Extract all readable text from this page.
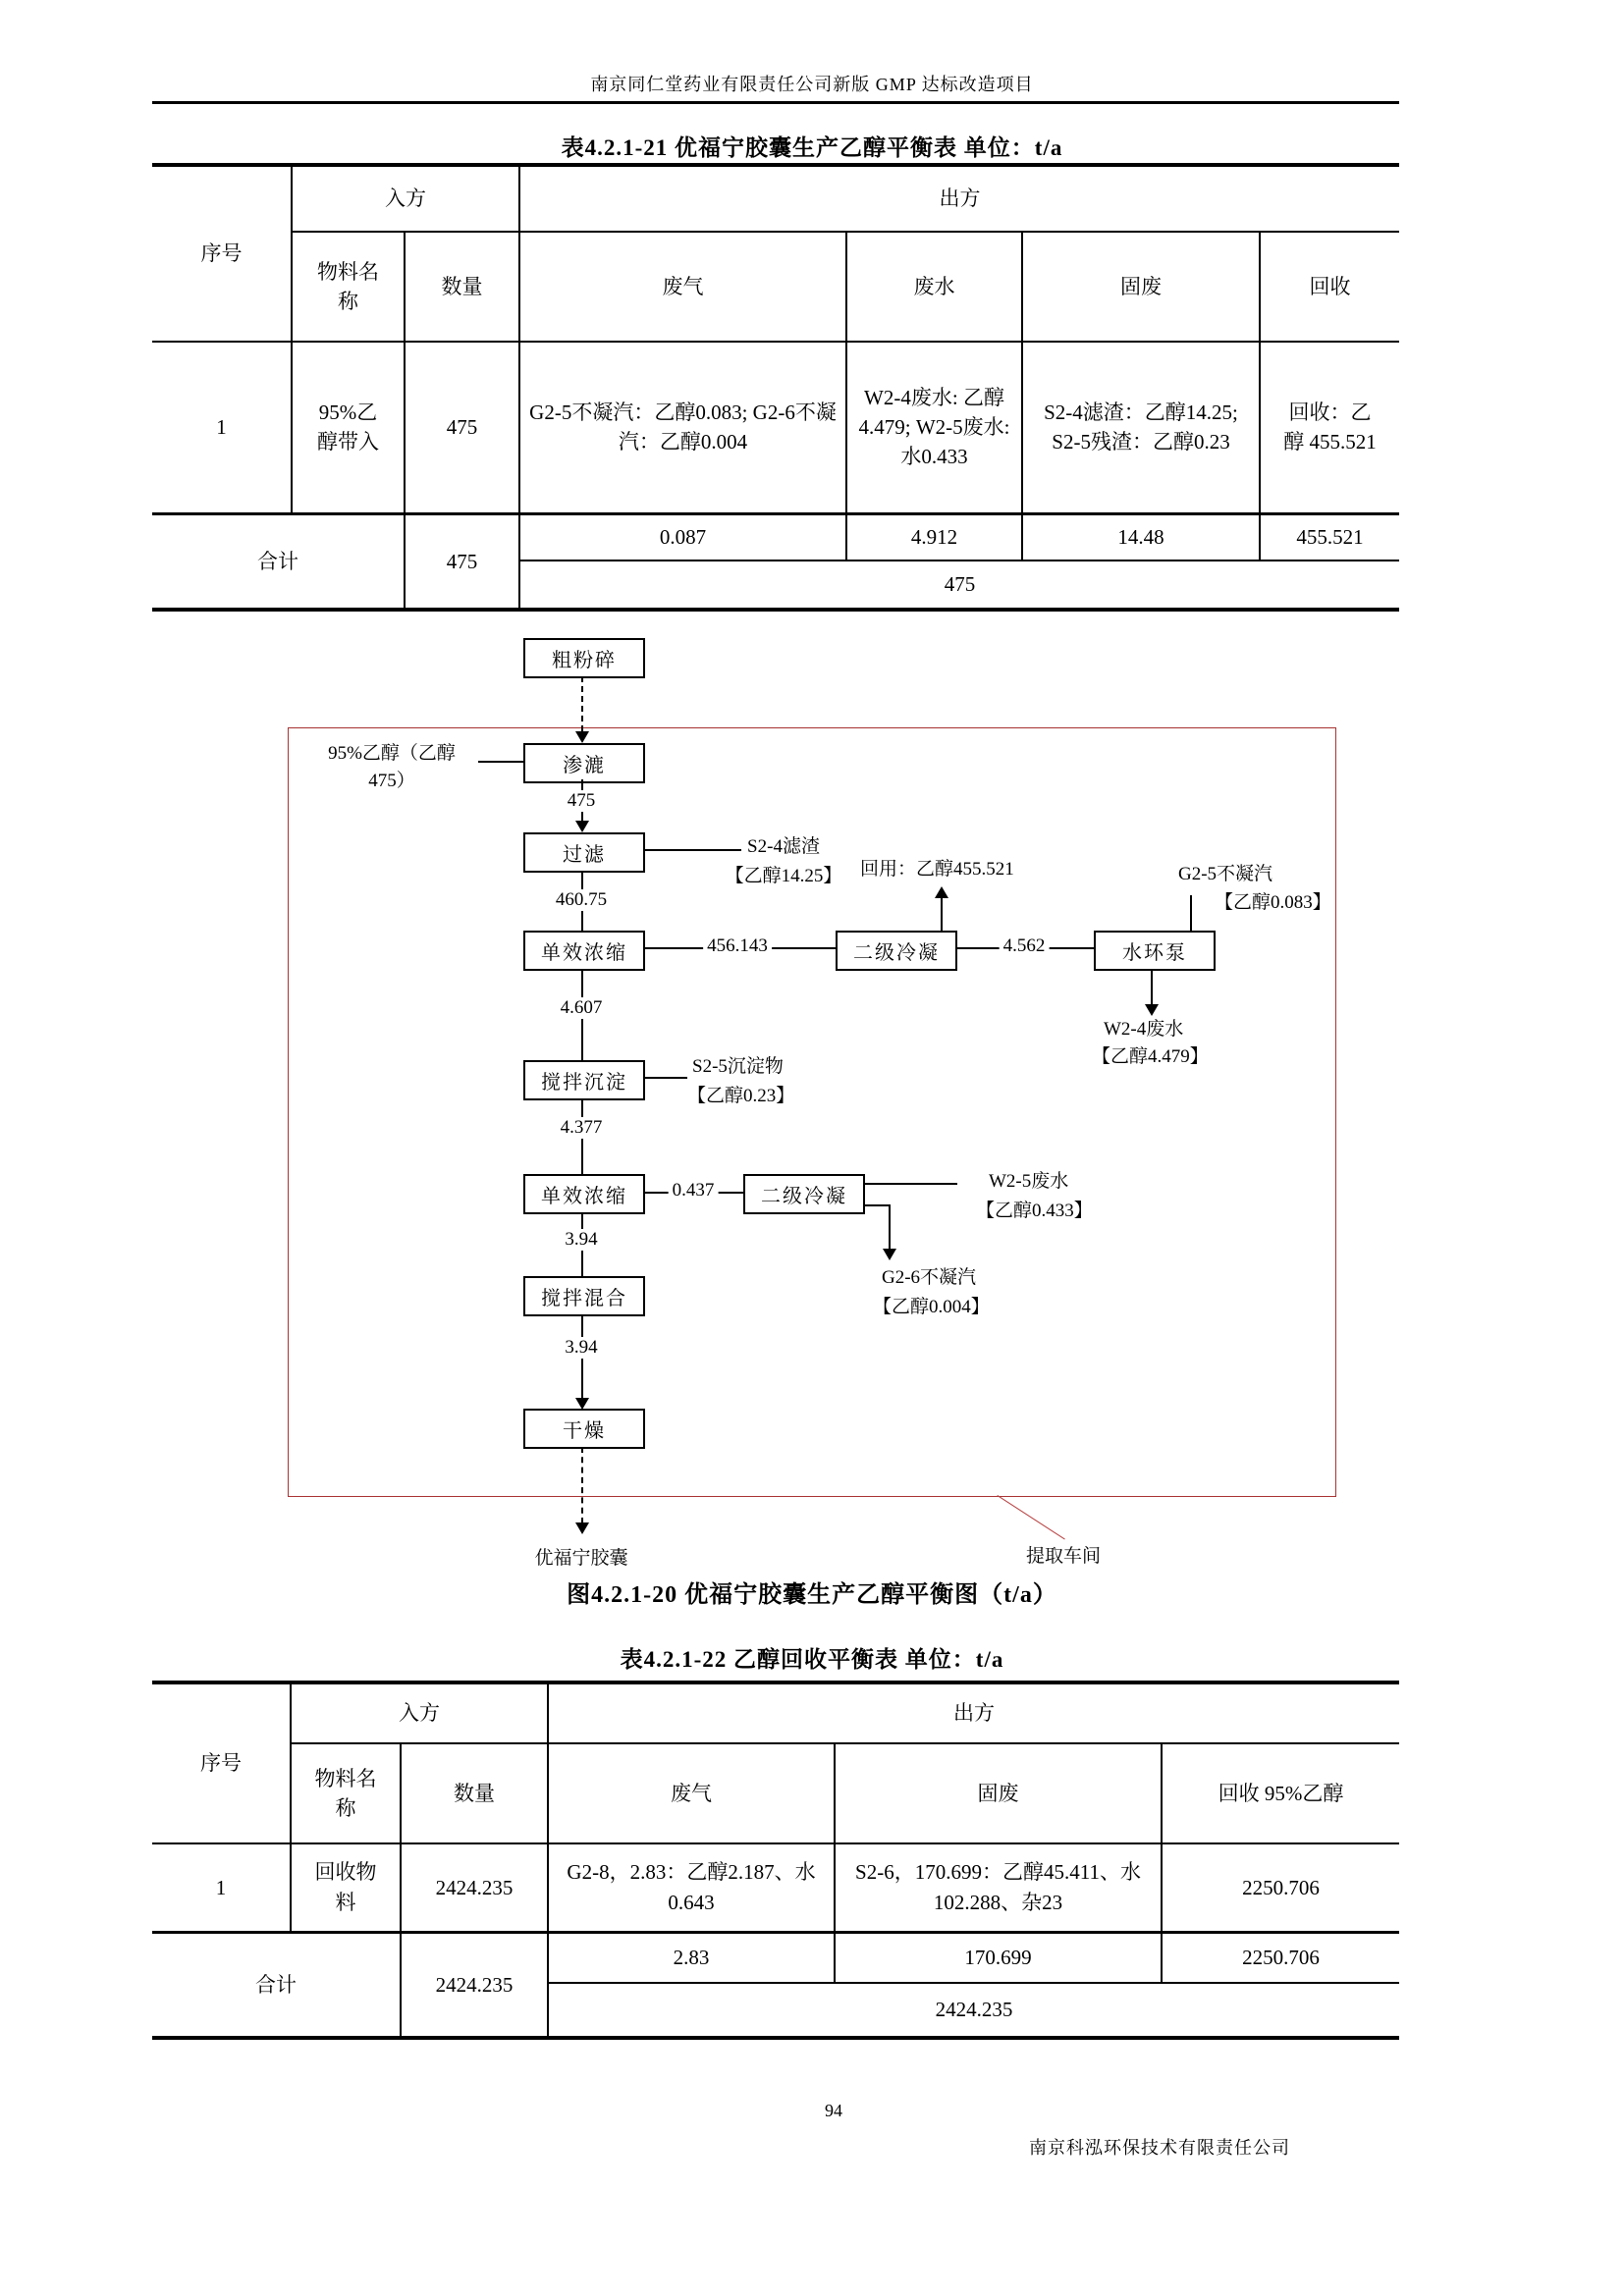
南京同仁堂药业有限责任公司新版 GMP 达标改造项目
表4.2.1-21 优福宁胶囊生产乙醇平衡表 单位：t/a
序号	入方		出方			
	物料名称	数量	废气	废水	固废	回收
1	95%乙醇带入	475	G2-5不凝汽：乙醇0.083; G2-6不凝汽：乙醇0.004	W2-4废水: 乙醇4.479; W2-5废水: 水0.433	S2-4滤渣：乙醇14.25; S2-5残渣：乙醇0.23	回收：乙醇 455.521
合计		475	0.087	4.912	14.48	455.521
			475			
粗粉碎
渗漉
过滤
单效浓缩	二级冷凝	水环泵
搅拌沉淀
单效浓缩	二级冷凝
搅拌混合
干燥
475
460.75
4.607
4.377
3.94
3.94
95%乙醇（乙醇
475）
S2-4滤渣
【乙醇14.25】
456.143	4.562
回用：乙醇455.521	G2-5不凝汽
【乙醇0.083】
W2-4废水
【乙醇4.479】
S2-5沉淀物
【乙醇0.23】
0.437	W2-5废水
【乙醇0.433】
G2-6不凝汽
【乙醇0.004】
优福宁胶囊	提取车间
图4.2.1-20 优福宁胶囊生产乙醇平衡图（t/a）
表4.2.1-22 乙醇回收平衡表 单位：t/a
序号	入方		出方		
	物料名称	数量	废气	固废	回收 95%乙醇
1	回收物料	2424.235	G2-8，2.83：乙醇2.187、水0.643	S2-6，170.699：乙醇45.411、水102.288、杂23	2250.706
合计		2424.235	2.83	170.699	2250.706
			2424.235		
94
南京科泓环保技术有限责任公司
